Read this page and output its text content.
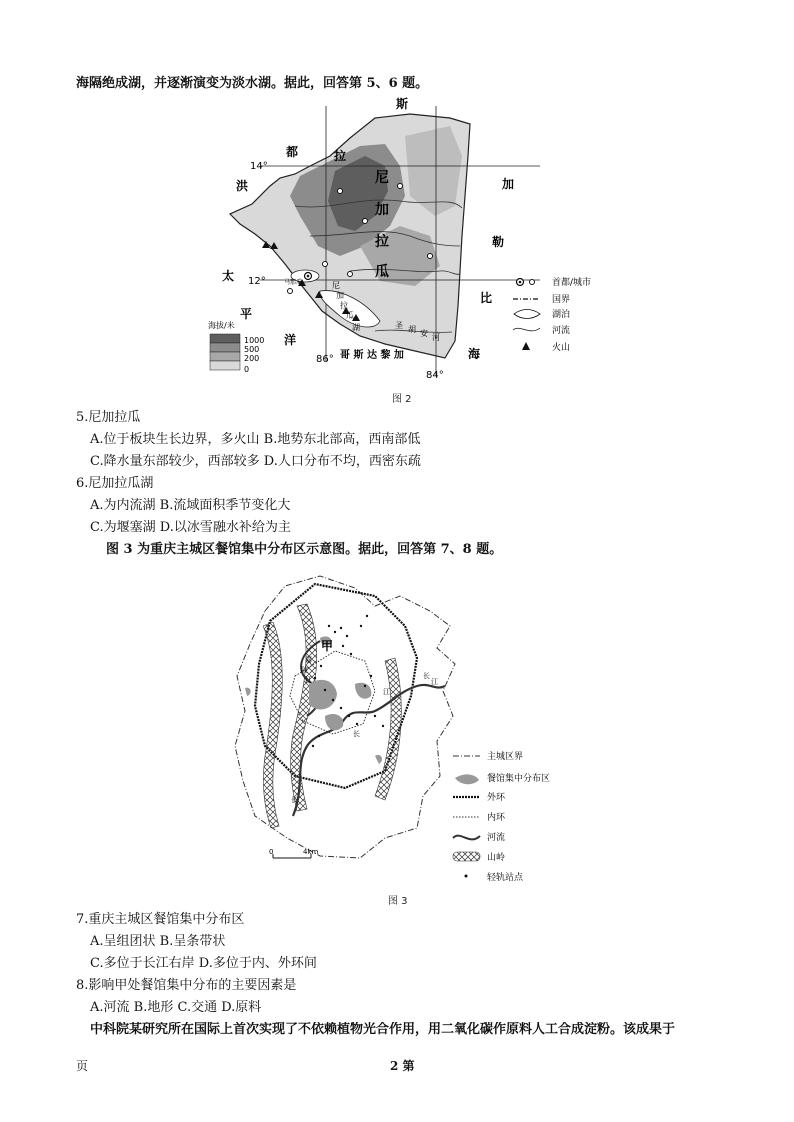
海隔绝成湖，并逐渐演变为淡水湖。据此，回答第 5、6 题。
14°
12°
86°
84°
斯
拉
都
洪	尼
加
拉
瓜
加
勒
比
海
太
平
洋
哥 斯 达 黎 加
马那瓜	尼
加
拉
瓜
湖	圣 胡 安 河
海拔/米
1000
500
200
0
首都/城市
国界
湖泊
河流
火山
图 2
5.尼加拉瓜
A.位于板块生长边界，多火山 B.地势东北部高，西南部低
C.降水量东部较少，西部较多 D.人口分布不均，西密东疏
6.尼加拉瓜湖
A.为内流湖 B.流域面积季节变化大
C.为堰塞湖 D.以冰雪融水补给为主
图 3 为重庆主城区餐馆集中分布区示意图。据此，回答第 7、8 题。
甲
长
江
嘉
陵
江	长
江
长
0	4km
主城区界
餐馆集中分布区
外环
内环
河流
山岭
轻轨站点
图 3
7.重庆主城区餐馆集中分布区
A.呈组团状 B.呈条带状
C.多位于长江右岸 D.多位于内、外环间
8.影响甲处餐馆集中分布的主要因素是
A.河流 B.地形 C.交通 D.原料
中科院某研究所在国际上首次实现了不依赖植物光合作用，用二氧化碳作原料人工合成淀粉。该成果于
页	2 第
